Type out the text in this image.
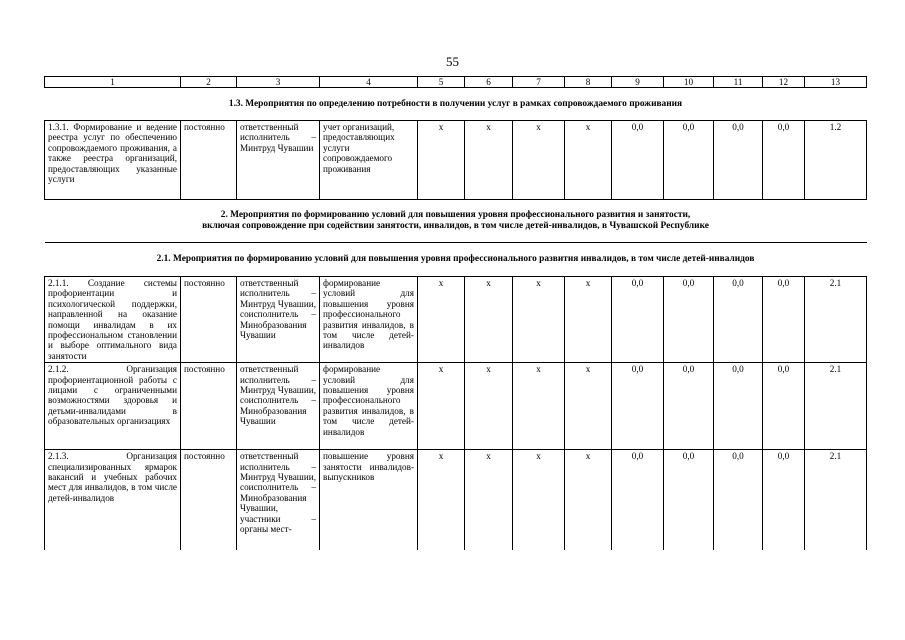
55
1	2	3	4	5	6	7	8	9	10	11	12	13
1.3. Мероприятия по определению потребности в получении услуг в рамках сопровождаемого проживания												
1.3.1. Формирование и ведение реестра услуг по обеспечению сопровождаемого проживания, а также реестра организаций, предоставляющих указанные услуги	постоянно	ответственный исполнитель – Минтруд Чувашии	учет организаций, предоставляющих услуги сопровождаемого проживания	х	х	х	х	0,0	0,0	0,0	0,0	1.2

2. Мероприятия по формированию условий для повышения уровня профессионального развития и занятости,
включая сопровождение при содействии занятости, инвалидов, в том числе детей-инвалидов, в Чувашской Республике												

2.1. Мероприятия по формированию условий для повышения уровня профессионального развития инвалидов, в том числе детей-инвалидов												
2.1.1. Создание системы профориентации и психологической поддержки, направленной на оказание помощи инвалидам в их профессиональном становлении и выборе оптимального вида занятости	постоянно	ответственный исполнитель – Минтруд Чувашии, соисполнитель – Минобразования Чувашии	формирование условий для повышения уровня профессионального развития инвалидов, в том числе детей-инвалидов	х	х	х	х	0,0	0,0	0,0	0,0	2.1
2.1.2. Организация профориентационной работы с лицами с ограниченными возможностями здоровья и детьми-инвалидами в образовательных организациях	постоянно	ответственный исполнитель – Минтруд Чувашии, соисполнитель – Минобразования Чувашии	формирование условий для повышения уровня профессионального развития инвалидов, в том числе детей-инвалидов	х	х	х	х	0,0	0,0	0,0	0,0	2.1
2.1.3. Организация специализированных ярмарок вакансий и учебных рабочих мест для инвалидов, в том числе детей-инвалидов	постоянно	ответственный исполнитель – Минтруд Чувашии, соисполнитель – Минобразования Чувашии, участники – органы мест-	повышение уровня занятости инвалидов-выпускников	х	х	х	х	0,0	0,0	0,0	0,0	2.1
